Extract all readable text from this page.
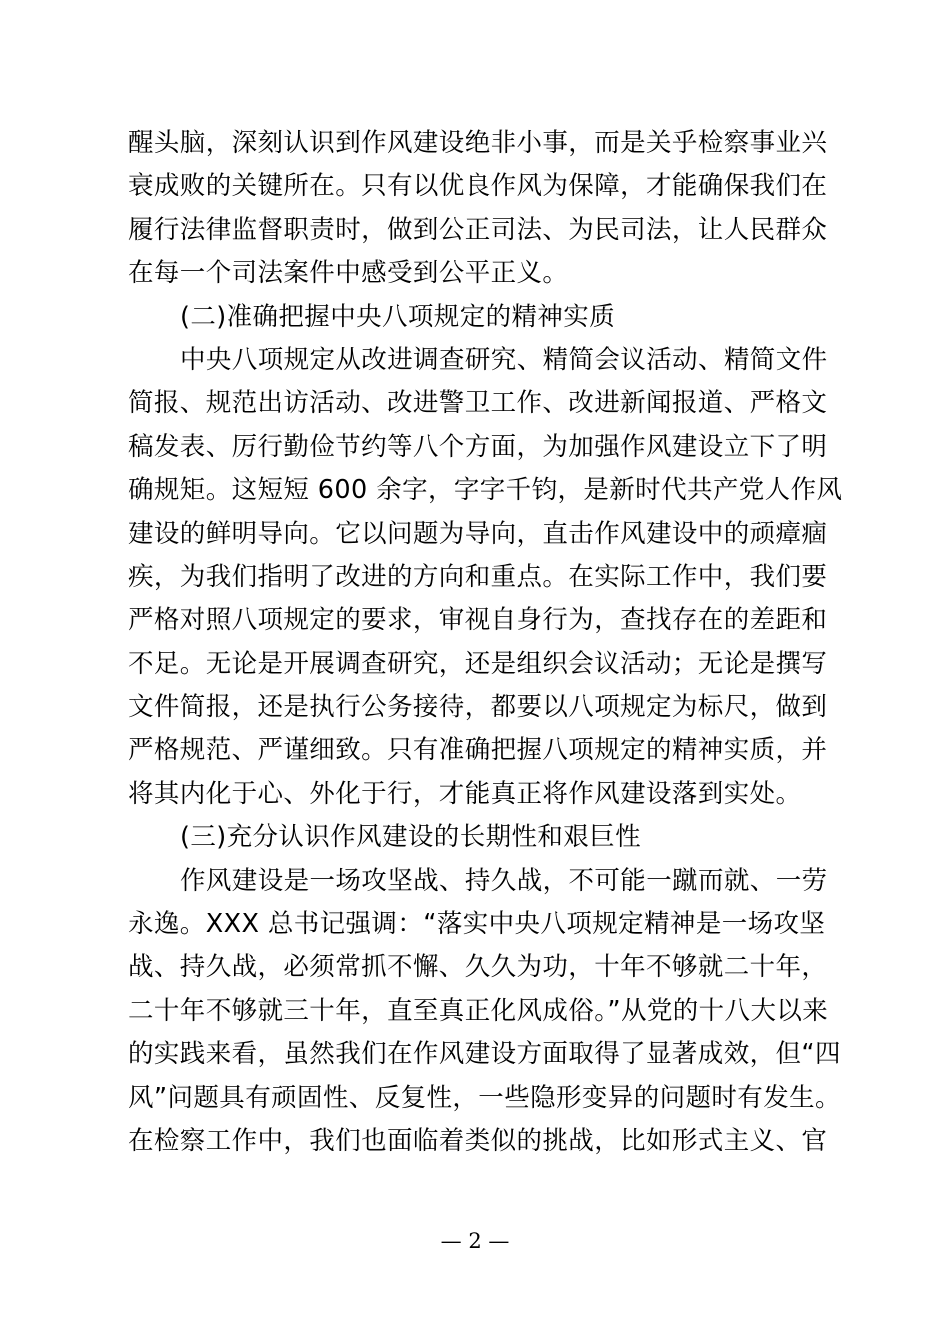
醒头脑，深刻认识到作风建设绝非小事，而是关乎检察事业兴
衰成败的关键所在。只有以优良作风为保障，才能确保我们在
履行法律监督职责时，做到公正司法、为民司法，让人民群众
在每一个司法案件中感受到公平正义。
(二)准确把握中央八项规定的精神实质
中央八项规定从改进调查研究、精简会议活动、精简文件
简报、规范出访活动、改进警卫工作、改进新闻报道、严格文
稿发表、厉行勤俭节约等八个方面，为加强作风建设立下了明
确规矩。这短短 600 余字，字字千钧，是新时代共产党人作风
建设的鲜明导向。它以问题为导向，直击作风建设中的顽瘴痼
疾，为我们指明了改进的方向和重点。在实际工作中，我们要
严格对照八项规定的要求，审视自身行为，查找存在的差距和
不足。无论是开展调查研究，还是组织会议活动；无论是撰写
文件简报，还是执行公务接待，都要以八项规定为标尺，做到
严格规范、严谨细致。只有准确把握八项规定的精神实质，并
将其内化于心、外化于行，才能真正将作风建设落到实处。
(三)充分认识作风建设的长期性和艰巨性
作风建设是一场攻坚战、持久战，不可能一蹴而就、一劳
永逸。XXX 总书记强调：“落实中央八项规定精神是一场攻坚
战、持久战，必须常抓不懈、久久为功，十年不够就二十年，
二十年不够就三十年，直至真正化风成俗。”从党的十八大以来
的实践来看，虽然我们在作风建设方面取得了显著成效，但“四
风”问题具有顽固性、反复性，一些隐形变异的问题时有发生。
在检察工作中，我们也面临着类似的挑战，比如形式主义、官
— 2 —
